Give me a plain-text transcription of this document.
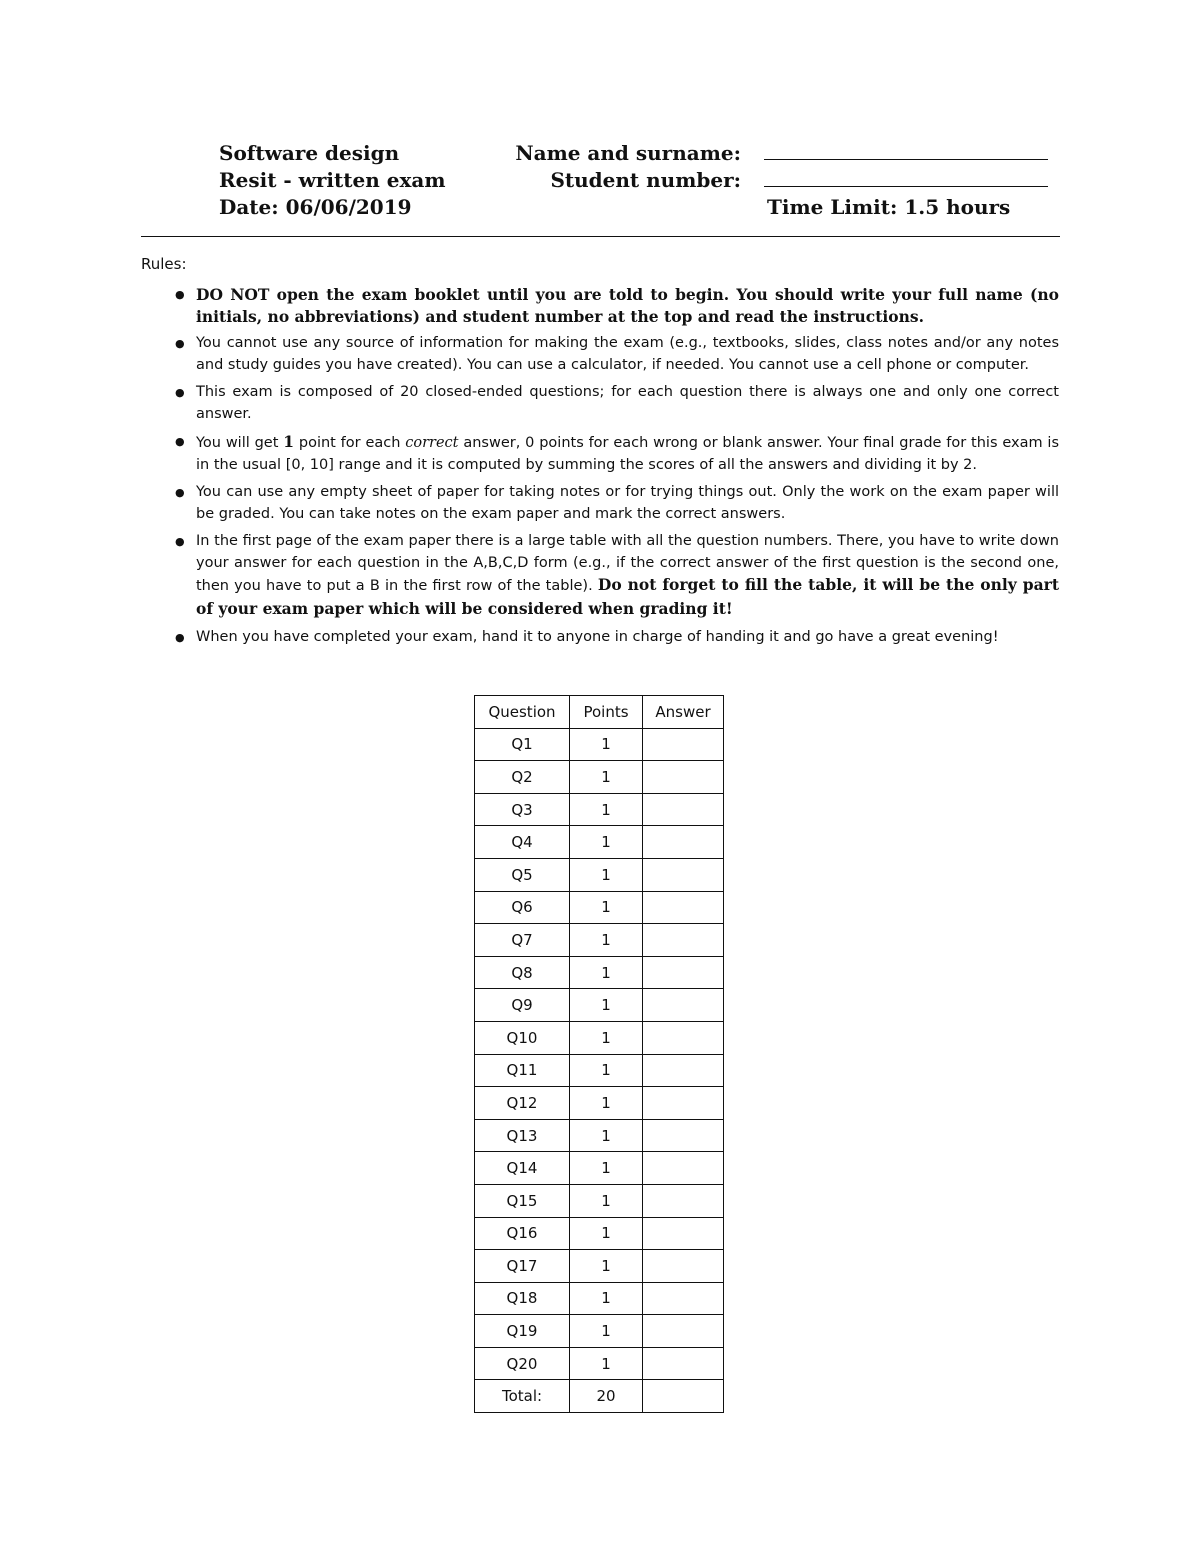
Software design
Resit - written exam
Date: 06/06/2019
Name and surname:
Student number:
Time Limit: 1.5 hours
Rules:
● DO NOT open the exam booklet until you are told to begin. You should write your full name (no initials, no abbreviations) and student number at the top and read the instructions.
● You cannot use any source of information for making the exam (e.g., textbooks, slides, class notes and/or any notes and study guides you have created). You can use a calculator, if needed. You cannot use a cell phone or computer.
● This exam is composed of 20 closed-ended questions; for each question there is always one and only one correct answer.
● You will get 1 point for each correct answer, 0 points for each wrong or blank answer. Your final grade for this exam is in the usual [0, 10] range and it is computed by summing the scores of all the answers and dividing it by 2.
● You can use any empty sheet of paper for taking notes or for trying things out. Only the work on the exam paper will be graded. You can take notes on the exam paper and mark the correct answers.
● In the first page of the exam paper there is a large table with all the question numbers. There, you have to write down your answer for each question in the A,B,C,D form (e.g., if the correct answer of the first question is the second one, then you have to put a B in the first row of the table). Do not forget to fill the table, it will be the only part of your exam paper which will be considered when grading it!
● When you have completed your exam, hand it to anyone in charge of handing it and go have a great evening!
Question	Points	Answer
Q1	1	
Q2	1	
Q3	1	
Q4	1	
Q5	1	
Q6	1	
Q7	1	
Q8	1	
Q9	1	
Q10	1	
Q11	1	
Q12	1	
Q13	1	
Q14	1	
Q15	1	
Q16	1	
Q17	1	
Q18	1	
Q19	1	
Q20	1	
Total:	20	
